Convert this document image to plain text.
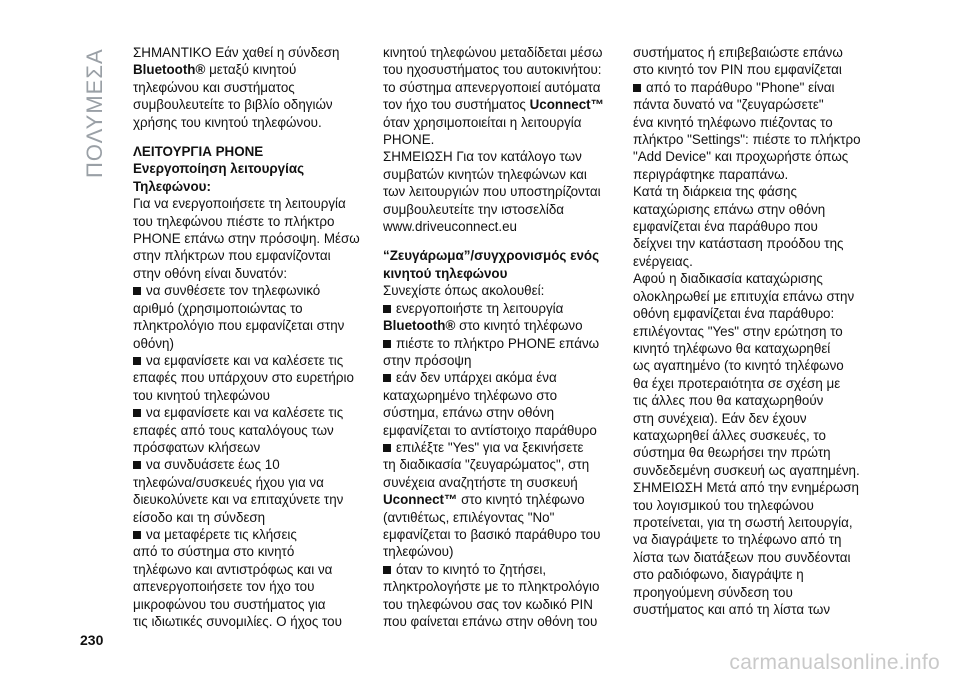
ΠΟΛΥΜΕΣΑ	ΣΗΜΑΝΤΙΚΟ Εάν χαθεί η σύνδεση

Bluetooth® μεταξύ κινητού

τηλεφώνου και συστήματος

συμβουλευτείτε το βιβλίο οδηγιών

χρήσης του κινητού τηλεφώνου.

ΛΕΙΤΟΥΡΓΙΑ PHONE

Ενεργοποίηση λειτουργίας

Τηλεφώνου:

Για να ενεργοποιήσετε τη λειτουργία

του τηλεφώνου πιέστε το πλήκτρο

PHONE επάνω στην πρόσοψη. Μέσω

στην πλήκτρων που εμφανίζονται

στην οθόνη είναι δυνατόν:

να συνθέσετε τον τηλεφωνικό

αριθμό (χρησιμοποιώντας το

πληκτρολόγιο που εμφανίζεται στην

οθόνη)

να εμφανίσετε και να καλέσετε τις

επαφές που υπάρχουν στο ευρετήριο

του κινητού τηλεφώνου

να εμφανίσετε και να καλέσετε τις

επαφές από τους καταλόγους των

πρόσφατων κλήσεων

να συνδυάσετε έως 10

τηλεφώνα/συσκευές ήχου για να

διευκολύνετε και να επιταχύνετε την

είσοδο και τη σύνδεση

να μεταφέρετε τις κλήσεις

από το σύστημα στο κινητό

τηλέφωνο και αντιστρόφως και να

απενεργοποιήσετε τον ήχο του

μικροφώνου του συστήματος για

τις ιδιωτικές συνομιλίες. Ο ήχος του

κινητού τηλεφώνου μεταδίδεται μέσω

του ηχοσυστήματος του αυτοκινήτου:

το σύστημα απενεργοποιεί αυτόματα

τον ήχο του συστήματος Uconnect™

όταν χρησιμοποιείται η λειτουργία

PHONE.

ΣΗΜΕΙΩΣΗ Για τον κατάλογο των

συμβατών κινητών τηλεφώνων και

των λειτουργιών που υποστηρίζονται

συμβουλευτείτε την ιστοσελίδα

www.driveuconnect.eu

“Ζευγάρωμα”/συγχρονισμός ενός

κινητού τηλεφώνου

Συνεχίστε όπως ακολουθεί:

ενεργοποιήστε τη λειτουργία

Bluetooth® στο κινητό τηλέφωνο

πιέστε το πλήκτρο PHONE επάνω

στην πρόσοψη

εάν δεν υπάρχει ακόμα ένα

καταχωρημένο τηλέφωνο στο

σύστημα, επάνω στην οθόνη

εμφανίζεται το αντίστοιχο παράθυρο

επιλέξτε "Yes" για να ξεκινήσετε

τη διαδικασία "ζευγαρώματος", στη

συνέχεια αναζητήστε τη συσκευή

Uconnect™ στο κινητό τηλέφωνο

(αντιθέτως, επιλέγοντας "No"

εμφανίζεται το βασικό παράθυρο του

τηλεφώνου)

όταν το κινητό το ζητήσει,

πληκτρολογήστε με το πληκτρολόγιο

του τηλεφώνου σας τον κωδικό PIN

που φαίνεται επάνω στην οθόνη του

συστήματος ή επιβεβαιώστε επάνω

στο κινητό τον PIN που εμφανίζεται

από το παράθυρο "Phone" είναι

πάντα δυνατό να "ζευγαρώσετε"

ένα κινητό τηλέφωνο πιέζοντας το

πλήκτρο "Settings": πιέστε το πλήκτρο

"Add Device" και προχωρήστε όπως

περιγράφτηκε παραπάνω.

Κατά τη διάρκεια της φάσης

καταχώρισης επάνω στην οθόνη

εμφανίζεται ένα παράθυρο που

δείχνει την κατάσταση προόδου της

ενέργειας.

Αφού η διαδικασία καταχώρισης

ολοκληρωθεί με επιτυχία επάνω στην

οθόνη εμφανίζεται ένα παράθυρο:

επιλέγοντας "Yes" στην ερώτηση το

κινητό τηλέφωνο θα καταχωρηθεί

ως αγαπημένο (το κινητό τηλέφωνο

θα έχει προτεραιότητα σε σχέση με

τις άλλες που θα καταχωρηθούν

στη συνέχεια). Εάν δεν έχουν

καταχωρηθεί άλλες συσκευές, το

σύστημα θα θεωρήσει την πρώτη

συνδεδεμένη συσκευή ως αγαπημένη.

ΣΗΜΕΙΩΣΗ Μετά από την ενημέρωση

του λογισμικού του τηλεφώνου

προτείνεται, για τη σωστή λειτουργία,

να διαγράψετε το τηλέφωνο από τη

λίστα των διατάξεων που συνδέονται

στο ραδιόφωνο, διαγράψτε η

προηγούμενη σύνδεση του

συστήματος και από τη λίστα των

230
carmanualsonline.info
